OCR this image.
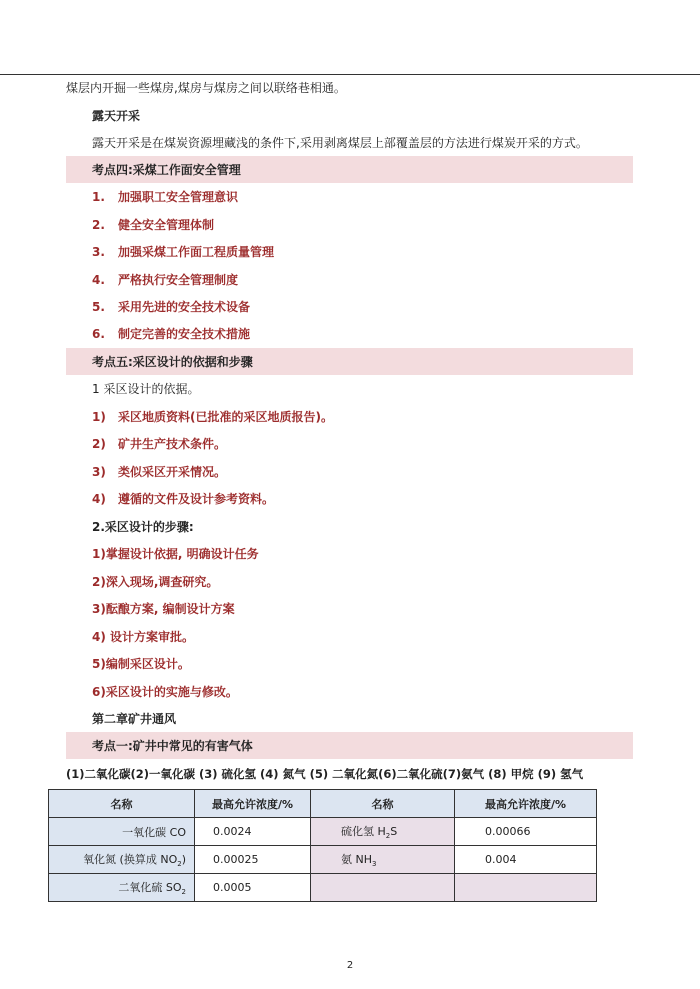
煤层内开掘一些煤房,煤房与煤房之间以联络巷相通。
露天开采
露天开采是在煤炭资源埋藏浅的条件下,采用剥离煤层上部覆盖层的方法进行煤炭开采的方式。
考点四:采煤工作面安全管理
1. 加强职工安全管理意识
2. 健全安全管理体制
3. 加强采煤工作面工程质量管理
4. 严格执行安全管理制度
5. 采用先进的安全技术设备
6. 制定完善的安全技术措施
考点五:采区设计的依据和步骤
1 采区设计的依据。
1) 采区地质资料(已批准的采区地质报告)。
2) 矿井生产技术条件。
3) 类似采区开采情况。
4) 遵循的文件及设计参考资料。
2.采区设计的步骤:
1)掌握设计依据, 明确设计任务
2)深入现场,调查研究。
3)酝酿方案, 编制设计方案
4) 设计方案审批。
5)编制采区设计。
6)采区设计的实施与修改。
第二章矿井通风
考点一:矿井中常见的有害气体
(1)二氧化碳(2)一氧化碳 (3) 硫化氢 (4) 氮气 (5) 二氧化氮(6)二氧化硫(7)氨气 (8) 甲烷 (9) 氢气
名称	最高允许浓度/%	名称	最高允许浓度/%
一氧化碳 CO	0.0024	硫化氢 $H_2S$	0.00066
氧化氮 (换算成 $NO_2$)	0.00025	氨 $NH_3$	0.004
二氧化硫 $SO_2$	0.0005		
2
